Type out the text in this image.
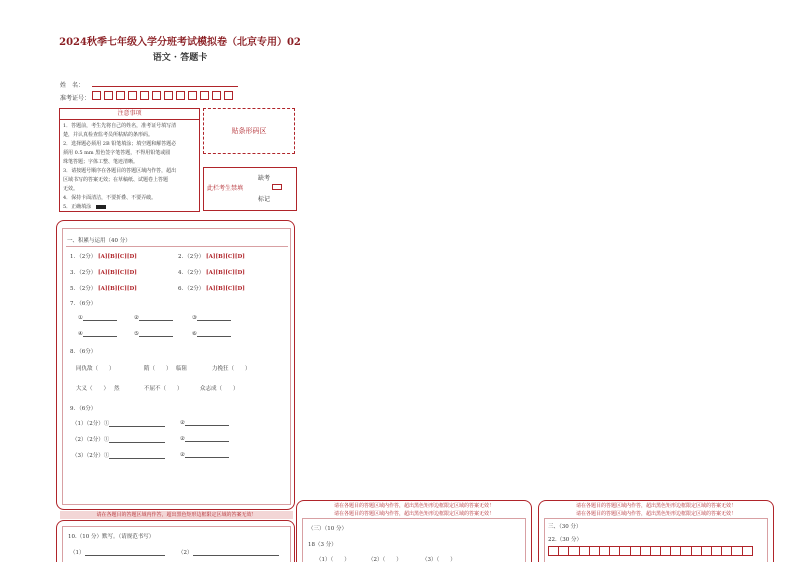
2024秋季七年级入学分班考试模拟卷（北京专用）02
语文 · 答题卡
姓　名：
准考证号：
注意事项
1．答题前，考生先将自己的姓名，准考证号填写清
楚，并认真检查监考员所粘贴的条形码。
2．选择题必须用 2B 铅笔填涂；填空题和解答题必
须用 0.5 mm 黑色签字笔答题，不得用铅笔或圆
珠笔答题；字体工整、笔迹清晰。
3．请按题号顺序在各题目的答题区域内作答，超出
区域书写的答案无效；在草稿纸、试题卷上答题
无效。
4．保持卡面清洁，不要折叠、不要弄破。
5．正确填涂
贴条形码区
缺考
此栏考生禁填
标记
一、积累与运用（40 分）
1．（2分） [A][B][C][D]	2．（2分） [A][B][C][D]
3．（2分） [A][B][C][D]	4．（2分） [A][B][C][D]
5．（2分） [A][B][C][D]	6．（2分） [A][B][C][D]
7．（6分）
①	②	③
④	⑤	⑥
8．（6分）
同仇敌（　　）	隋（　　） 临阻	力挽狂（　　）
大义（　　） 然	不屈不（　　）	众志成（　　）
9．（6分）
（1）（2分）①	②
（2）（2分）①	②
（3）（2分）①	②
请在各题目的答题区域内作答，超出黑色矩形边框限定区域的答案无效！
10.（10 分）默写。（请规范书写）
（1）	（2）
请在各题目的答题区域内作答，超出黑色矩形边框限定区域的答案无效！
请在各题目的答题区域内作答，超出黑色矩形边框限定区域的答案无效！
（三）（10 分）
18（3 分）
（1）（　　）	（2）（　　）	（3）（　　）
请在各题目的答题区域内作答，超出黑色矩形边框限定区域的答案无效！
请在各题目的答题区域内作答，超出黑色矩形边框限定区域的答案无效！
三、（30 分）
22.（30 分）
